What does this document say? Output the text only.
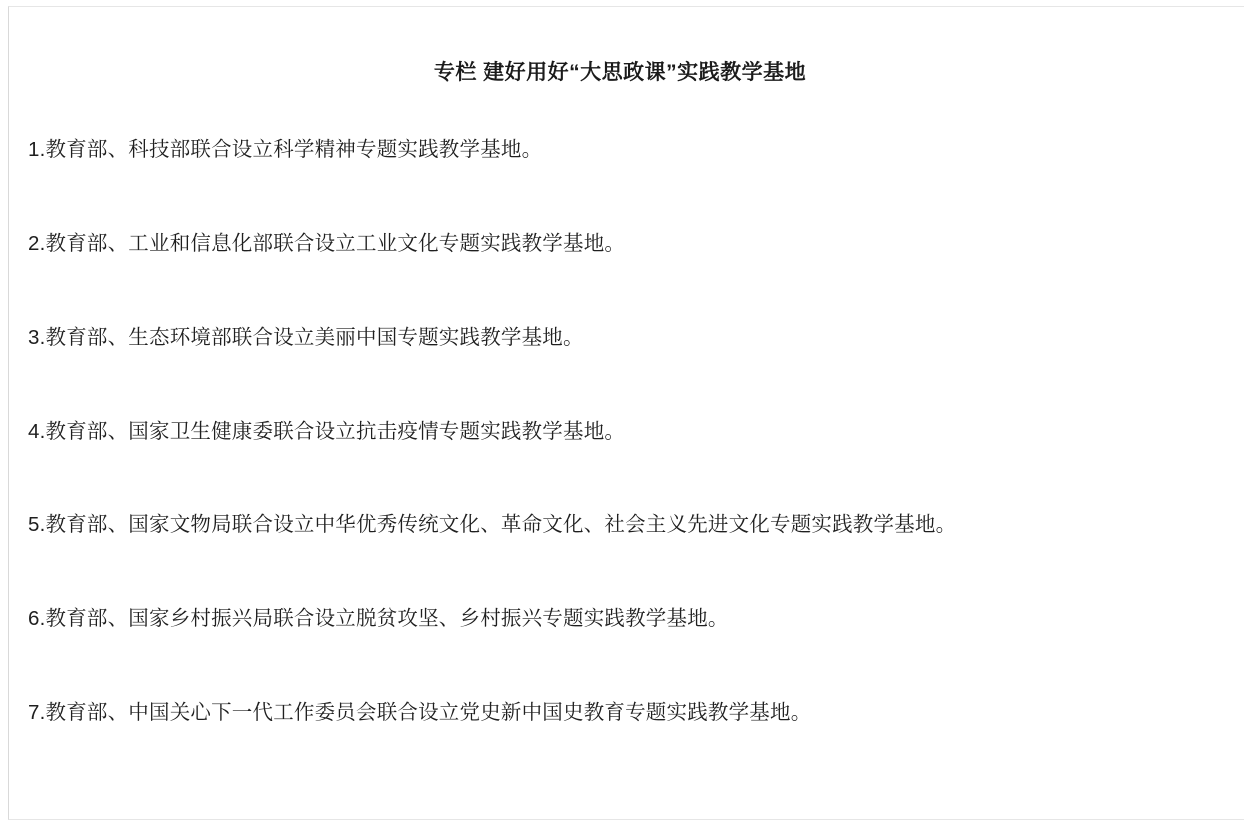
专栏 建好用好“大思政课”实践教学基地

1.教育部、科技部联合设立科学精神专题实践教学基地。

2.教育部、工业和信息化部联合设立工业文化专题实践教学基地。

3.教育部、生态环境部联合设立美丽中国专题实践教学基地。

4.教育部、国家卫生健康委联合设立抗击疫情专题实践教学基地。

5.教育部、国家文物局联合设立中华优秀传统文化、革命文化、社会主义先进文化专题实践教学基地。

6.教育部、国家乡村振兴局联合设立脱贫攻坚、乡村振兴专题实践教学基地。

7.教育部、中国关心下一代工作委员会联合设立党史新中国史教育专题实践教学基地。
